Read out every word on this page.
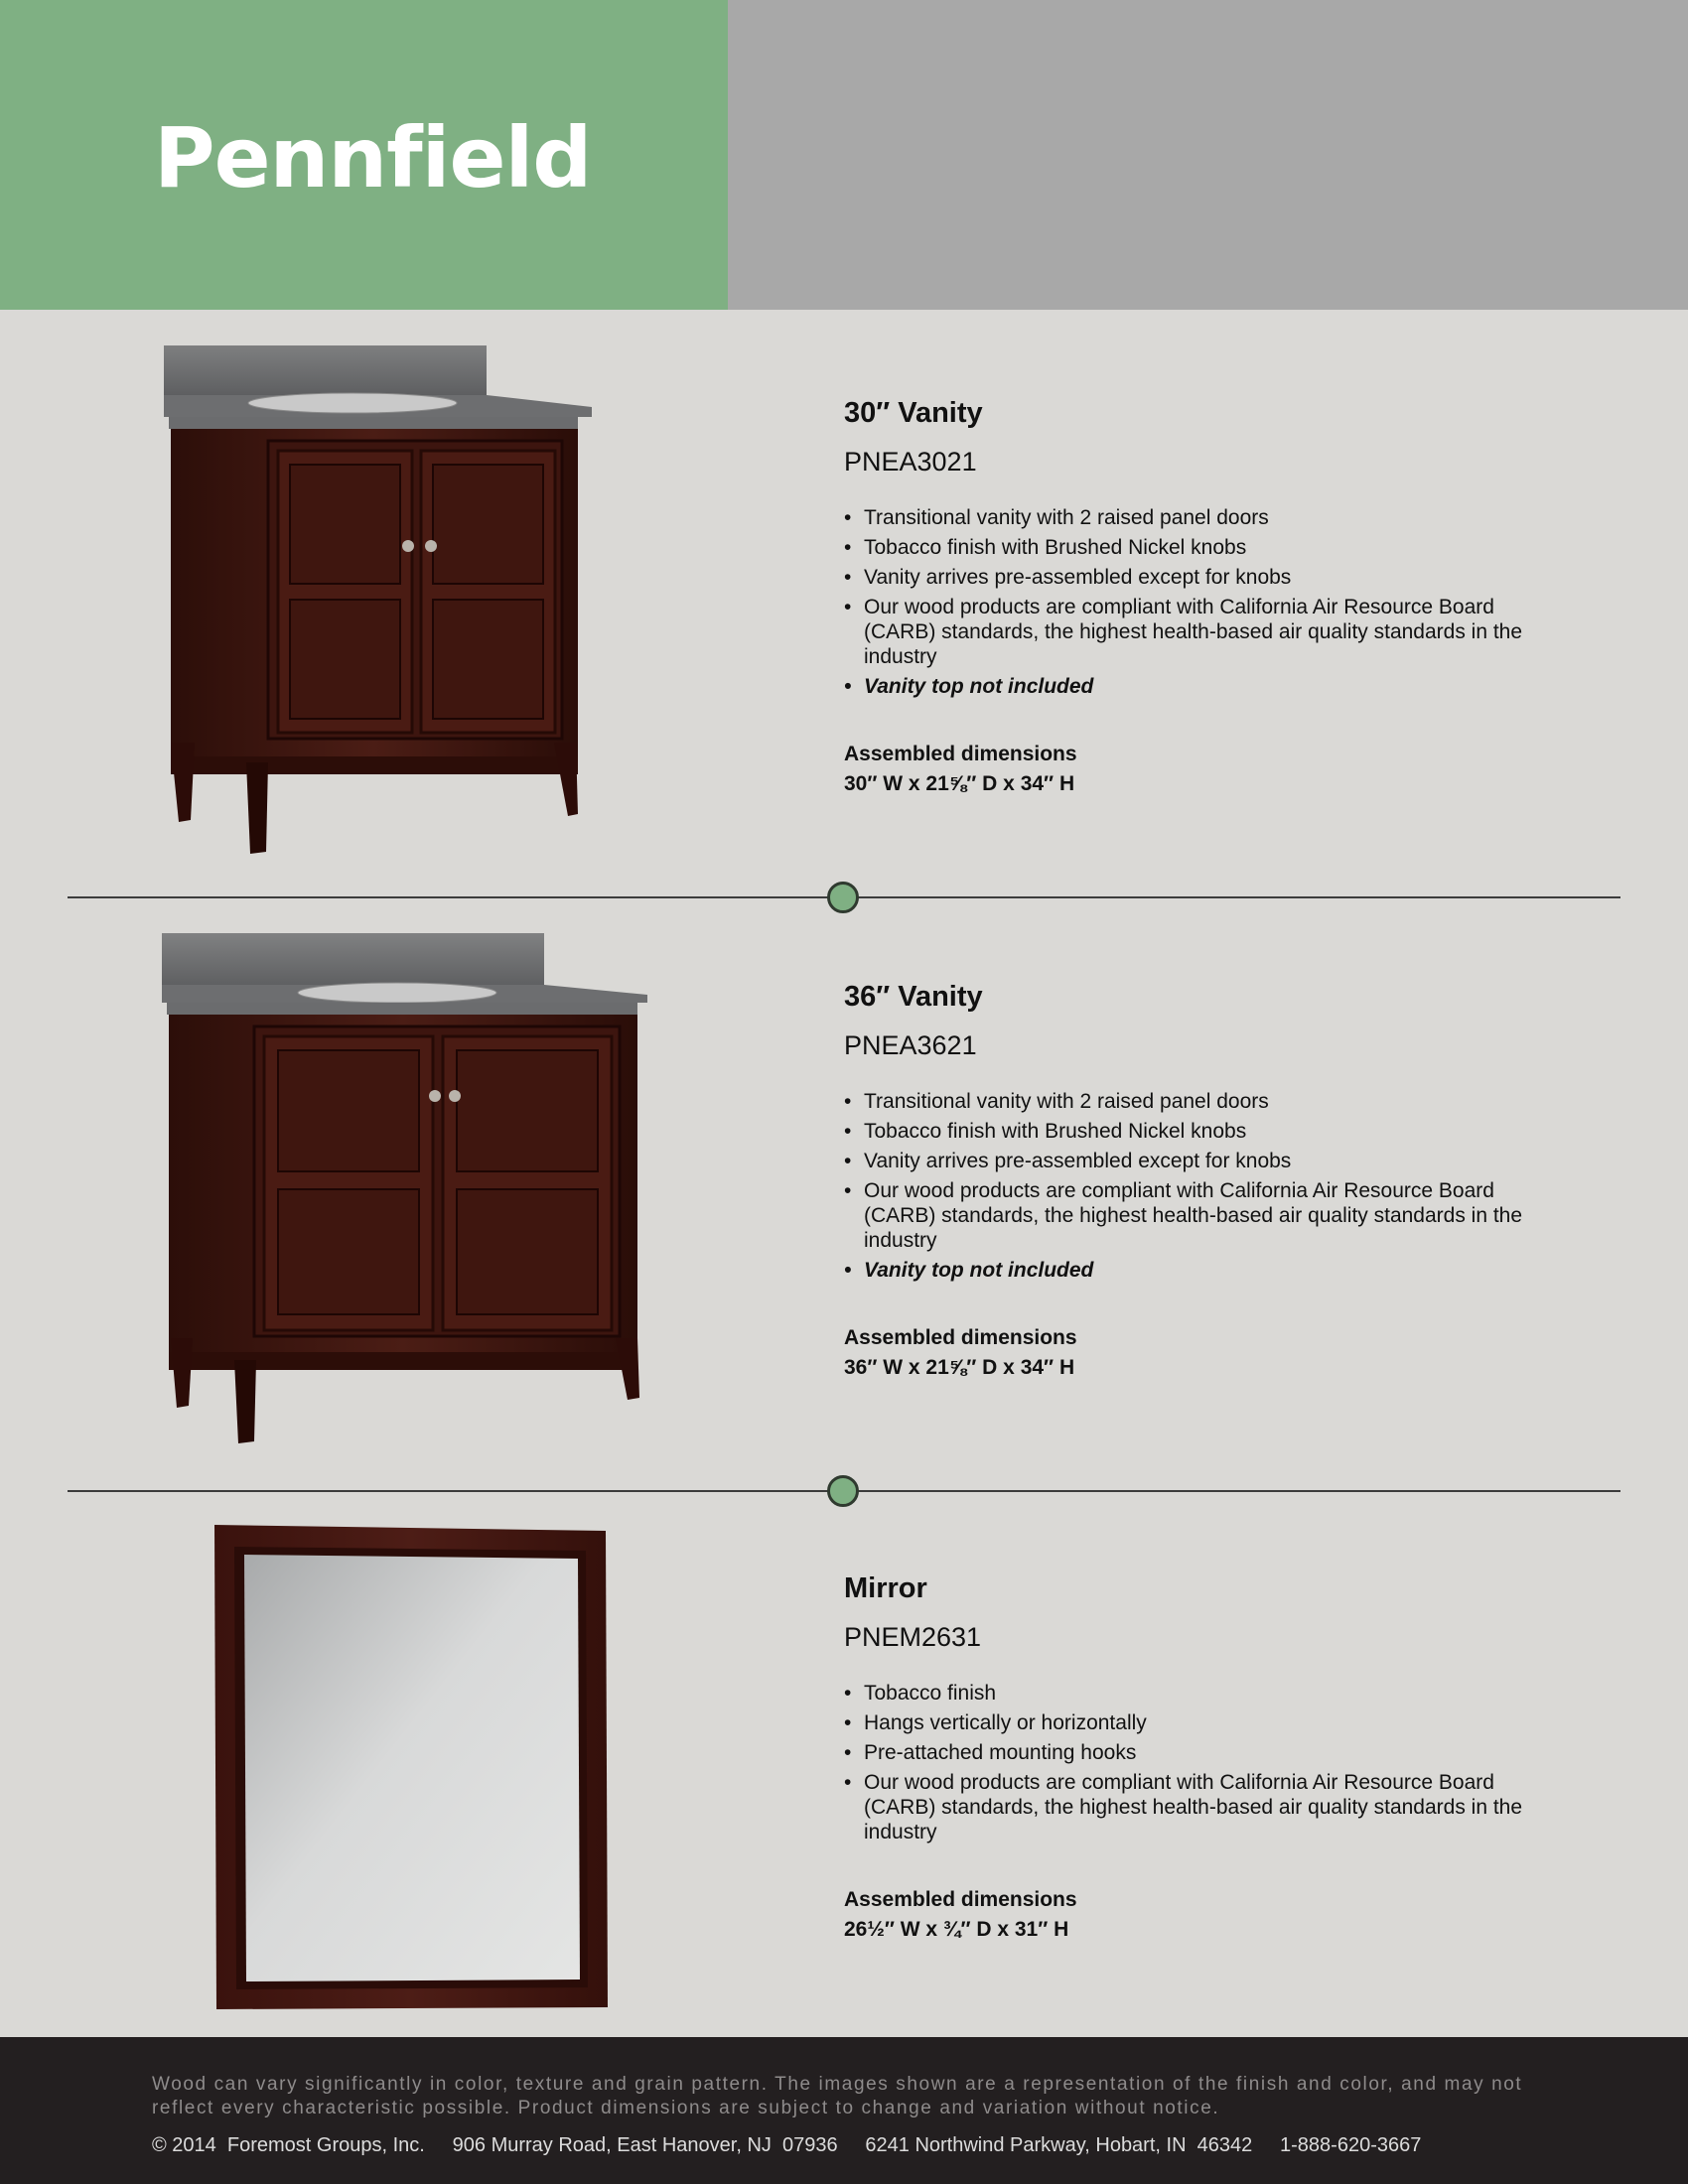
Pennfield
30″ Vanity
PNEA3021
• Transitional vanity with 2 raised panel doors
• Tobacco finish with Brushed Nickel knobs
• Vanity arrives pre-assembled except for knobs
• Our wood products are compliant with California Air Resource Board (CARB) standards, the highest health-based air quality standards in the industry
• Vanity top not included
Assembled dimensions
30″ W x 21⅝″ D x 34″ H
36″ Vanity
PNEA3621
• Transitional vanity with 2 raised panel doors
• Tobacco finish with Brushed Nickel knobs
• Vanity arrives pre-assembled except for knobs
• Our wood products are compliant with California Air Resource Board (CARB) standards, the highest health-based air quality standards in the industry
• Vanity top not included
Assembled dimensions
36″ W x 21⅝″ D x 34″ H
Mirror
PNEM2631
• Tobacco finish
• Hangs vertically or horizontally
• Pre-attached mounting hooks
• Our wood products are compliant with California Air Resource Board (CARB) standards, the highest health-based air quality standards in the industry
Assembled dimensions
26½″ W x ¾″ D x 31″ H
Wood can vary significantly in color, texture and grain pattern. The images shown are a representation of the finish and color, and may not reflect every characteristic possible. Product dimensions are subject to change and variation without notice.
© 2014  Foremost Groups, Inc.     906 Murray Road, East Hanover, NJ  07936     6241 Northwind Parkway, Hobart, IN  46342     1-888-620-3667
